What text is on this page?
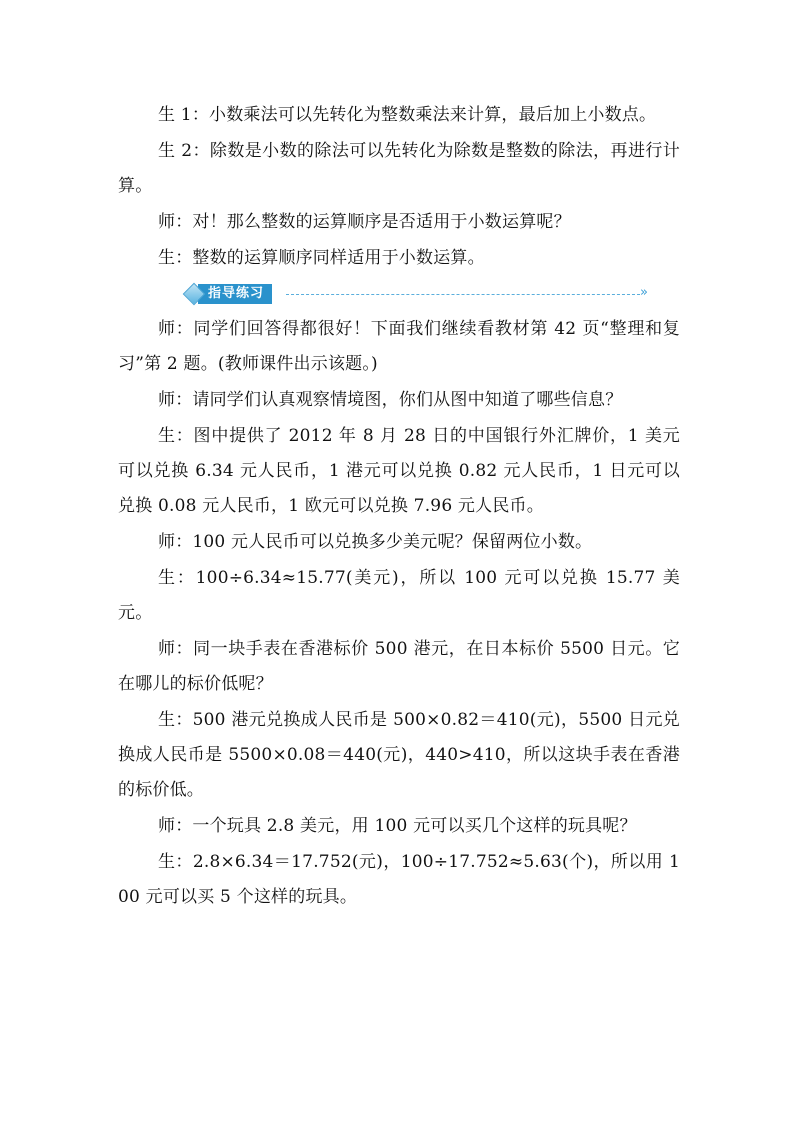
生 1：小数乘法可以先转化为整数乘法来计算，最后加上小数点。

生 2：除数是小数的除法可以先转化为除数是整数的除法，再进行计算。

师：对！那么整数的运算顺序是否适用于小数运算呢？

生：整数的运算顺序同样适用于小数运算。

指导练习	»

师：同学们回答得都很好！下面我们继续看教材第 42 页“整理和复习”第 2 题。(教师课件出示该题。)

师：请同学们认真观察情境图，你们从图中知道了哪些信息？

生：图中提供了 2012 年 8 月 28 日的中国银行外汇牌价，1 美元可以兑换 6.34 元人民币，1 港元可以兑换 0.82 元人民币，1 日元可以兑换 0.08 元人民币，1 欧元可以兑换 7.96 元人民币。

师：100 元人民币可以兑换多少美元呢？保留两位小数。

生：100÷6.34≈15.77(美元)，所以 100 元可以兑换 15.77 美元。

师：同一块手表在香港标价 500 港元，在日本标价 5500 日元。它在哪儿的标价低呢？

生：500 港元兑换成人民币是 500×0.82＝410(元)，5500 日元兑换成人民币是 5500×0.08＝440(元)，440>410，所以这块手表在香港的标价低。

师：一个玩具 2.8 美元，用 100 元可以买几个这样的玩具呢？

生：2.8×6.34＝17.752(元)，100÷17.752≈5.63(个)，所以用 100 元可以买 5 个这样的玩具。
